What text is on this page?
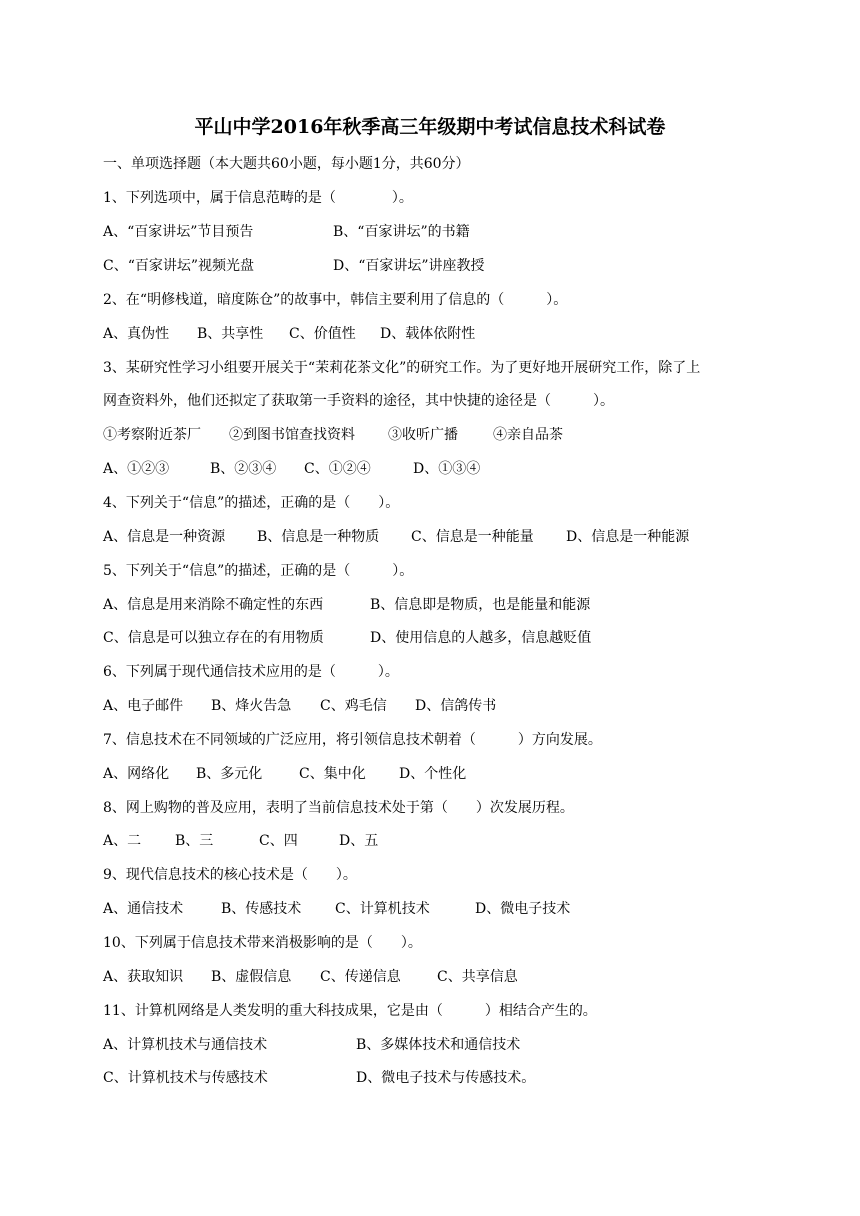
平山中学2016年秋季高三年级期中考试信息技术科试卷
一、单项选择题（本大题共60小题，每小题1分，共60分）
1、下列选项中，属于信息范畴的是（　　　　）。
A、“百家讲坛”节目预告	B、“百家讲坛”的书籍
C、“百家讲坛”视频光盘	D、“百家讲坛”讲座教授
2、在“明修栈道，暗度陈仓”的故事中，韩信主要利用了信息的（　　　）。
A、真伪性 B、共享性 C、价值性 D、载体依附性
3、某研究性学习小组要开展关于“茉莉花茶文化”的研究工作。为了更好地开展研究工作，除了上
网查资料外，他们还拟定了获取第一手资料的途径，其中快捷的途径是（　　　）。
①考察附近茶厂 ②到图书馆查找资料 ③收听广播	④亲自品茶
A、①②③	B、②③④ C、①②④	D、①③④
4、下列关于“信息”的描述，正确的是（　　）。
A、信息是一种资源 B、信息是一种物质 C、信息是一种能量 D、信息是一种能源
5、下列关于“信息”的描述，正确的是（　　　）。
A、信息是用来消除不确定性的东西	B、信息即是物质，也是能量和能源
C、信息是可以独立存在的有用物质	D、使用信息的人越多，信息越贬值
6、下列属于现代通信技术应用的是（　　　）。
A、电子邮件 B、烽火告急 C、鸡毛信 D、信鸽传书
7、信息技术在不同领域的广泛应用，将引领信息技术朝着（　　　）方向发展。
A、网络化 B、多元化	C、集中化 D、个性化
8、网上购物的普及应用，表明了当前信息技术处于第（　　）次发展历程。
A、二 B、三	C、四	D、五
9、现代信息技术的核心技术是（　　）。
A、通信技术	B、传感技术 C、计算机技术	D、微电子技术
10、下列属于信息技术带来消极影响的是（　　）。
A、获取知识 B、虚假信息 C、传递信息	C、共享信息
11、计算机网络是人类发明的重大科技成果，它是由（　　　）相结合产生的。
A、计算机技术与通信技术	B、多媒体技术和通信技术
C、计算机技术与传感技术	D、微电子技术与传感技术。
